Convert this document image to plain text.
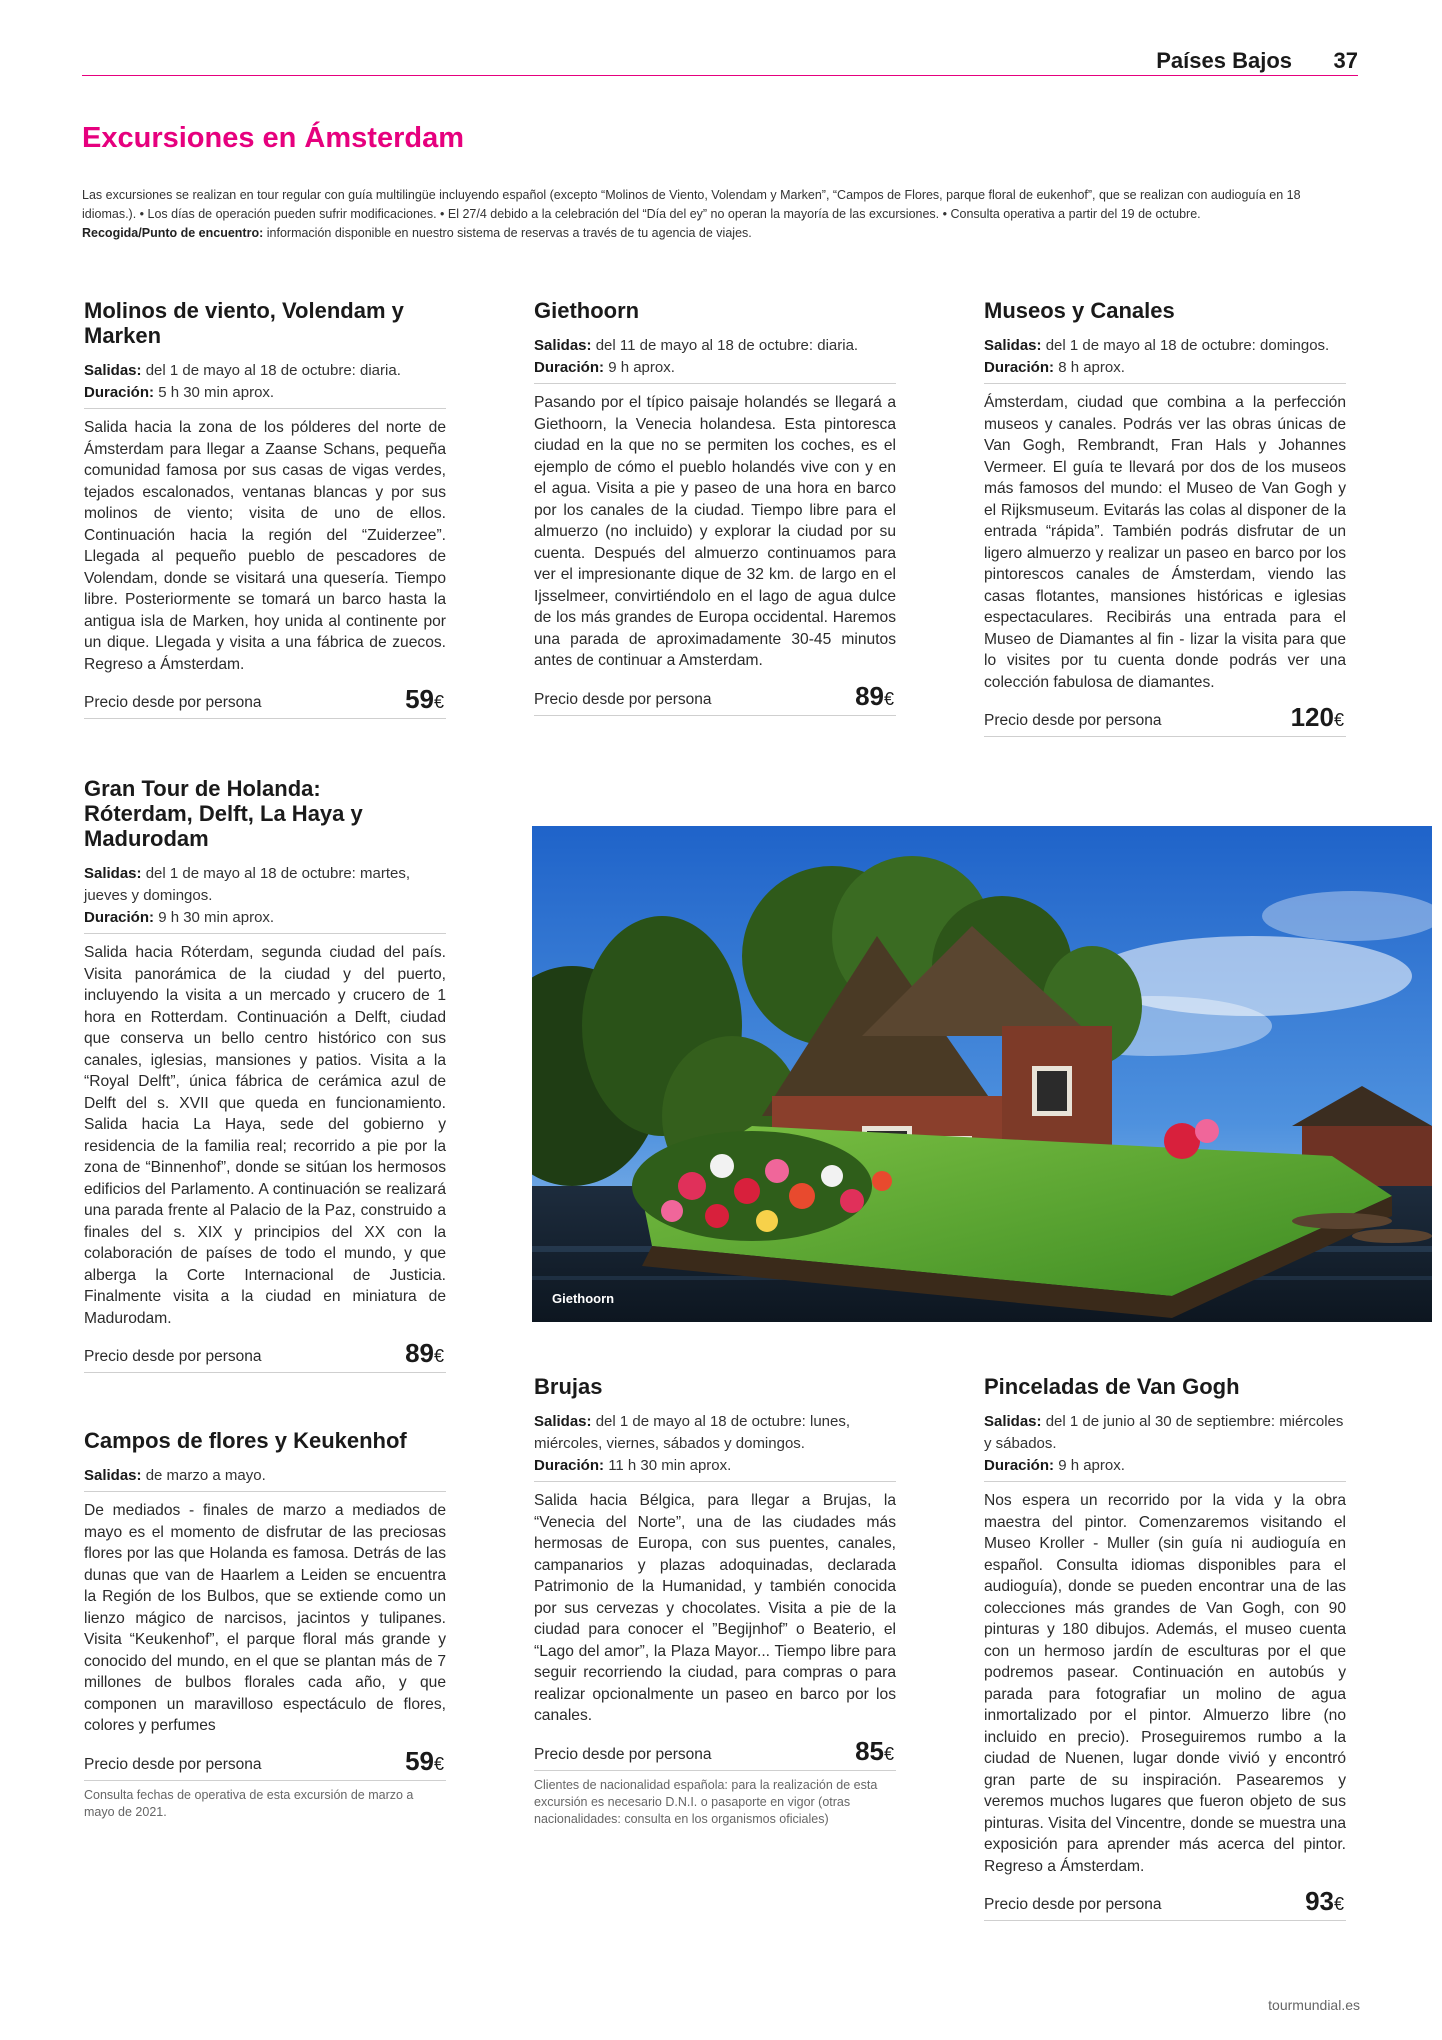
Países Bajos 37
Excursiones en Ámsterdam
Las excursiones se realizan en tour regular con guía multilingüe incluyendo español (excepto “Molinos de Viento, Volendam y Marken”, “Campos de Flores, parque floral de eukenhof”, que se realizan con audioguía en 18 idiomas.). • Los días de operación pueden sufrir modificaciones. • El 27/4 debido a la celebración del “Día del ey” no operan la mayoría de las excursiones. • Consulta operativa a partir del 19 de octubre.
Recogida/Punto de encuentro: información disponible en nuestro sistema de reservas a través de tu agencia de viajes.
Molinos de viento, Volendam y Marken
Salidas: del 1 de mayo al 18 de octubre: diaria.
Duración: 5 h 30 min aprox.
Salida hacia la zona de los pólderes del norte de Ámsterdam para llegar a Zaanse Schans, pequeña comunidad famosa por sus casas de vigas verdes, tejados escalonados, ventanas blancas y por sus molinos de viento; visita de uno de ellos. Continuación hacia la región del “Zuiderzee”. Llegada al pequeño pueblo de pescadores de Volendam, donde se visitará una quesería. Tiempo libre. Posteriormente se tomará un barco hasta la antigua isla de Marken, hoy unida al continente por un dique. Llegada y visita a una fábrica de zuecos. Regreso a Ámsterdam.
Precio desde por persona	59€
Gran Tour de Holanda: Róterdam, Delft, La Haya y Madurodam
Salidas: del 1 de mayo al 18 de octubre: martes, jueves y domingos.
Duración: 9 h 30 min aprox.
Salida hacia Róterdam, segunda ciudad del país. Visita panorámica de la ciudad y del puerto, incluyendo la visita a un mercado y crucero de 1 hora en Rotterdam. Continuación a Delft, ciudad que conserva un bello centro histórico con sus canales, iglesias, mansiones y patios. Visita a la “Royal Delft”, única fábrica de cerámica azul de Delft del s. XVII que queda en funcionamiento. Salida hacia La Haya, sede del gobierno y residencia de la familia real; recorrido a pie por la zona de “Binnenhof”, donde se sitúan los hermosos edificios del Parlamento. A continuación se realizará una parada frente al Palacio de la Paz, construido a finales del s. XIX y principios del XX con la colaboración de países de todo el mundo, y que alberga la Corte Internacional de Justicia. Finalmente visita a la ciudad en miniatura de Madurodam.
Precio desde por persona	89€
Campos de flores y Keukenhof
Salidas: de marzo a mayo.
De mediados - finales de marzo a mediados de mayo es el momento de disfrutar de las preciosas flores por las que Holanda es famosa. Detrás de las dunas que van de Haarlem a Leiden se encuentra la Región de los Bulbos, que se extiende como un lienzo mágico de narcisos, jacintos y tulipanes. Visita “Keukenhof”, el parque floral más grande y conocido del mundo, en el que se plantan más de 7 millones de bulbos florales cada año, y que componen un maravilloso espectáculo de flores, colores y perfumes
Precio desde por persona	59€
Consulta fechas de operativa de esta excursión de marzo a mayo de 2021.
Giethoorn
Salidas: del 11 de mayo al 18 de octubre: diaria.
Duración: 9 h aprox.
Pasando por el típico paisaje holandés se llegará a Giethoorn, la Venecia holandesa. Esta pintoresca ciudad en la que no se permiten los coches, es el ejemplo de cómo el pueblo holandés vive con y en el agua. Visita a pie y paseo de una hora en barco por los canales de la ciudad. Tiempo libre para el almuerzo (no incluido) y explorar la ciudad por su cuenta. Después del almuerzo continuamos para ver el impresionante dique de 32 km. de largo en el Ijsselmeer, convirtiéndolo en el lago de agua dulce de los más grandes de Europa occidental. Haremos una parada de aproximadamente 30-45 minutos antes de continuar a Amsterdam.
Precio desde por persona	89€
Giethoorn
Brujas
Salidas: del 1 de mayo al 18 de octubre: lunes, miércoles, viernes, sábados y domingos.
Duración: 11 h 30 min aprox.
Salida hacia Bélgica, para llegar a Brujas, la “Venecia del Norte”, una de las ciudades más hermosas de Europa, con sus puentes, canales, campanarios y plazas adoquinadas, declarada Patrimonio de la Humanidad, y también conocida por sus cervezas y chocolates. Visita a pie de la ciudad para conocer el ”Begijnhof” o Beaterio, el “Lago del amor”, la Plaza Mayor... Tiempo libre para seguir recorriendo la ciudad, para compras o para realizar opcionalmente un paseo en barco por los canales.
Precio desde por persona	85€
Clientes de nacionalidad española: para la realización de esta excursión es necesario D.N.I. o pasaporte en vigor (otras nacionalidades: consulta en los organismos oficiales)
Museos y Canales
Salidas: del 1 de mayo al 18 de octubre: domingos.
Duración: 8 h aprox.
Ámsterdam, ciudad que combina a la perfección museos y canales. Podrás ver las obras únicas de Van Gogh, Rembrandt, Fran Hals y Johannes Vermeer. El guía te llevará por dos de los museos más famosos del mundo: el Museo de Van Gogh y el Rijksmuseum. Evitarás las colas al disponer de la entrada “rápida”. También podrás disfrutar de un ligero almuerzo y realizar un paseo en barco por los pintorescos canales de Ámsterdam, viendo las casas flotantes, mansiones históricas e iglesias espectaculares. Recibirás una entrada para el Museo de Diamantes al fin - lizar la visita para que lo visites por tu cuenta donde podrás ver una colección fabulosa de diamantes.
Precio desde por persona	120€
Pinceladas de Van Gogh
Salidas: del 1 de junio al 30 de septiembre: miércoles y sábados.
Duración: 9 h aprox.
Nos espera un recorrido por la vida y la obra maestra del pintor. Comenzaremos visitando el Museo Kroller - Muller (sin guía ni audioguía en español. Consulta idiomas disponibles para el audioguía), donde se pueden encontrar una de las colecciones más grandes de Van Gogh, con 90 pinturas y 180 dibujos. Además, el museo cuenta con un hermoso jardín de esculturas por el que podremos pasear. Continuación en autobús y parada para fotografiar un molino de agua inmortalizado por el pintor. Almuerzo libre (no incluido en precio). Proseguiremos rumbo a la ciudad de Nuenen, lugar donde vivió y encontró gran parte de su inspiración. Pasearemos y veremos muchos lugares que fueron objeto de sus pinturas. Visita del Vincentre, donde se muestra una exposición para aprender más acerca del pintor. Regreso a Ámsterdam.
Precio desde por persona	93€
tourmundial.es
